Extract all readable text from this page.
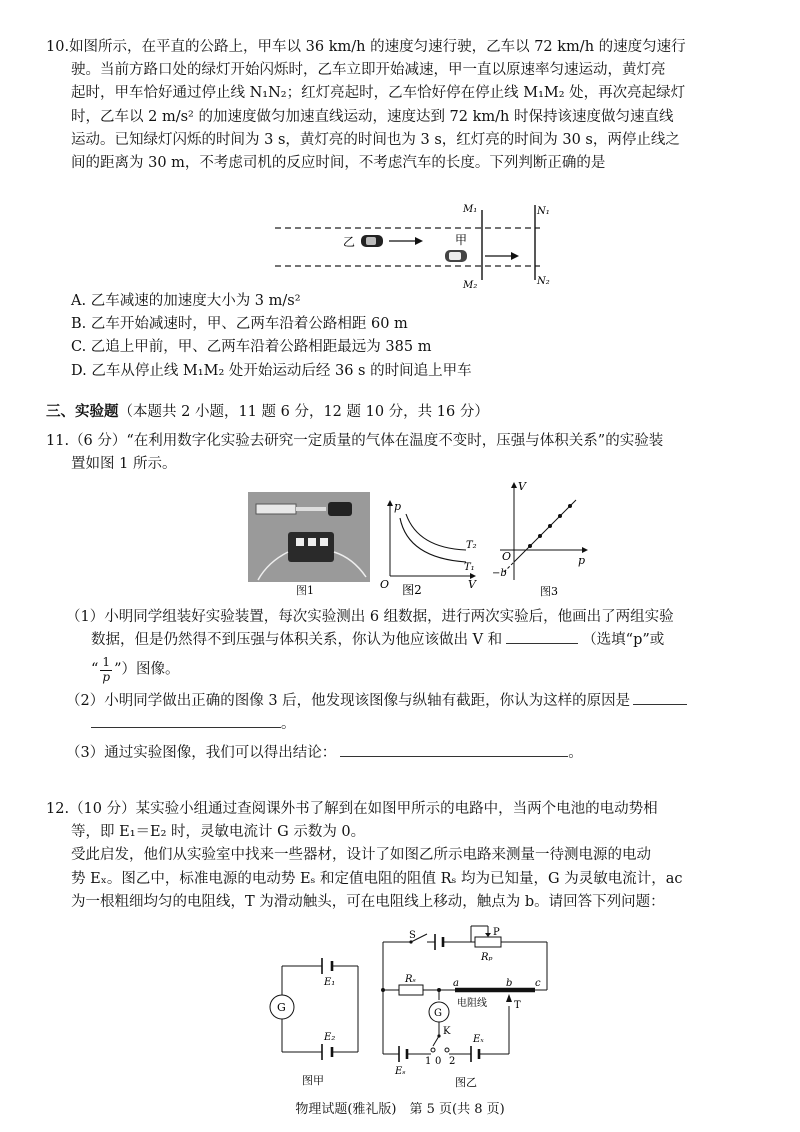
10.如图所示，在平直的公路上，甲车以 36 km/h 的速度匀速行驶，乙车以 72 km/h 的速度匀速行
驶。当前方路口处的绿灯开始闪烁时，乙车立即开始减速，甲一直以原速率匀速运动，黄灯亮
起时，甲车恰好通过停止线 N₁N₂；红灯亮起时，乙车恰好停在停止线 M₁M₂ 处，再次亮起绿灯
时，乙车以 2 m/s² 的加速度做匀加速直线运动，速度达到 72 km/h 时保持该速度做匀速直线
运动。已知绿灯闪烁的时间为 3 s，黄灯亮的时间也为 3 s，红灯亮的时间为 30 s，两停止线之
间的距离为 30 m，不考虑司机的反应时间，不考虑汽车的长度。下列判断正确的是
M₁
M₂
N₁
N₂
乙	甲
A. 乙车减速的加速度大小为 3 m/s²
B. 乙车开始减速时，甲、乙两车沿着公路相距 60 m
C. 乙追上甲前，甲、乙两车沿着公路相距最远为 385 m
D. 乙车从停止线 M₁M₂ 处开始运动后经 36 s 的时间追上甲车
三、实验题（本题共 2 小题，11 题 6 分，12 题 10 分，共 16 分）
11.（6 分）“在利用数字化实验去研究一定质量的气体在温度不变时，压强与体积关系”的实验装
置如图 1 所示。
图1
p
V
O
T₁
T₂
图2
V
p
O
−b
图3
（1）小明同学组装好实验装置，每次实验测出 6 组数据，进行两次实验后，他画出了两组实验
数据，但是仍然得不到压强与体积关系，你认为他应该做出 V 和	（选填“p”或
“ $\frac{1}{p}$ ”）图像。
（2）小明同学做出正确的图像 3 后，他发现该图像与纵轴有截距，你认为这样的原因是
。
（3）通过实验图像，我们可以得出结论：	。
12.（10 分）某实验小组通过查阅课外书了解到在如图甲所示的电路中，当两个电池的电动势相
等，即 E₁＝E₂ 时，灵敏电流计 G 示数为 0。
受此启发，他们从实验室中找来一些器材，设计了如图乙所示电路来测量一待测电源的电动
势 Eₓ。图乙中，标准电源的电动势 Eₛ 和定值电阻的阻值 Rₛ 均为已知量，G 为灵敏电流计，ac
为一根粗细均匀的电阻线，T 为滑动触头，可在电阻线上移动，触点为 b。请回答下列问题：
G
E₁
E₂
图甲
S	P
Rₚ
Rₛ	a	b c
电阻线
G
K
T
Eₛ
Eₓ
1 0 2
图乙
物理试题(雅礼版)　第 5 页(共 8 页)
